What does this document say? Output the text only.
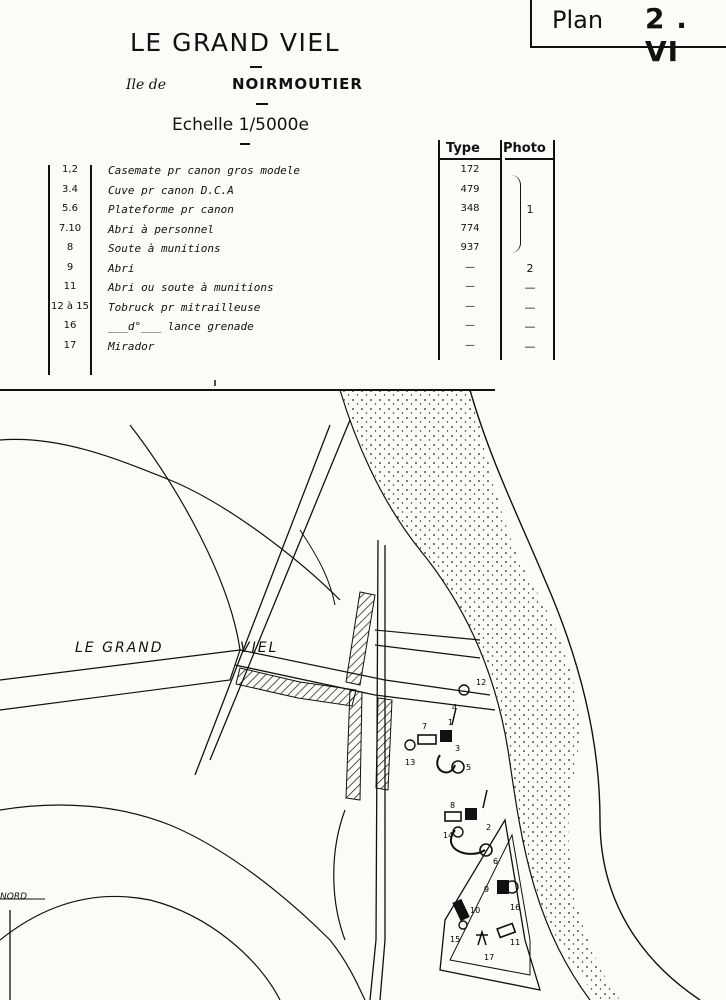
Plan 2 . VI
LE GRAND VIEL
Ile de	NOIRMOUTIER
Echelle 1/5000e
Type Photo
1,2	Casemate pr canon gros modele	172
3.4	Cuve pr canon D.C.A	479
5.6	Plateforme pr canon	348	1
7.10	Abri à personnel	774
8	Soute à munitions	937
9	Abri	—	2
11	Abri ou soute à munitions	—	—
12 à 15 Tobruck pr mitrailleuse	—	—
16	___d°___ lance grenade	—	—
17	Mirador	—	—
12
13
7	1
3
5
8
2
14
6
9
16
10
15	11
17
4
LE GRAND	VIEL
NORD
